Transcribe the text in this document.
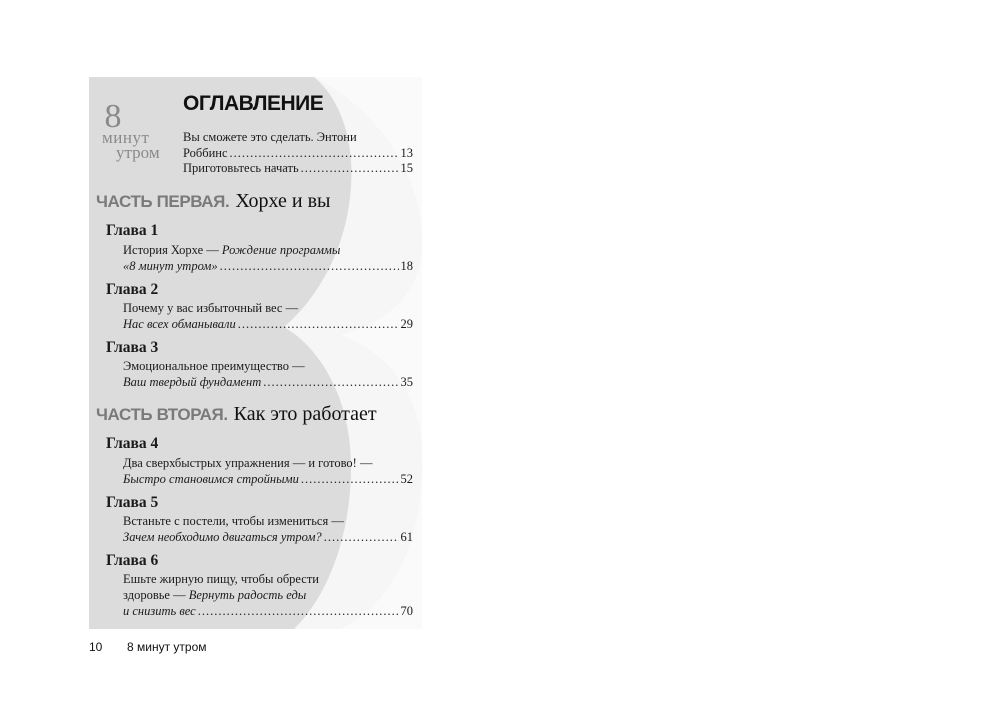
8
минут
утром
ОГЛАВЛЕНИЕ
Вы сможете это сделать. Энтони
Роббинс .....	13
Приготовьтесь начать .....	15
ЧАСТЬ ПЕРВАЯ. Хорхе и вы
Глава 1
История Хорхе — Рождение программы
«8 минут утром» .....	18
Глава 2
Почему у вас избыточный вес —
Нас всех обманывали .....	29
Глава 3
Эмоциональное преимущество —
Ваш твердый фундамент .....	35
ЧАСТЬ ВТОРАЯ. Как это работает
Глава 4
Два сверхбыстрых упражнения — и готово! —
Быстро становимся стройными .....	52
Глава 5
Встаньте с постели, чтобы измениться —
Зачем необходимо двигаться утром? .....	61
Глава 6
Ешьте жирную пищу, чтобы обрести
здоровье — Вернуть радость еды
и снизить вес .....	70
10 8 минут утром
